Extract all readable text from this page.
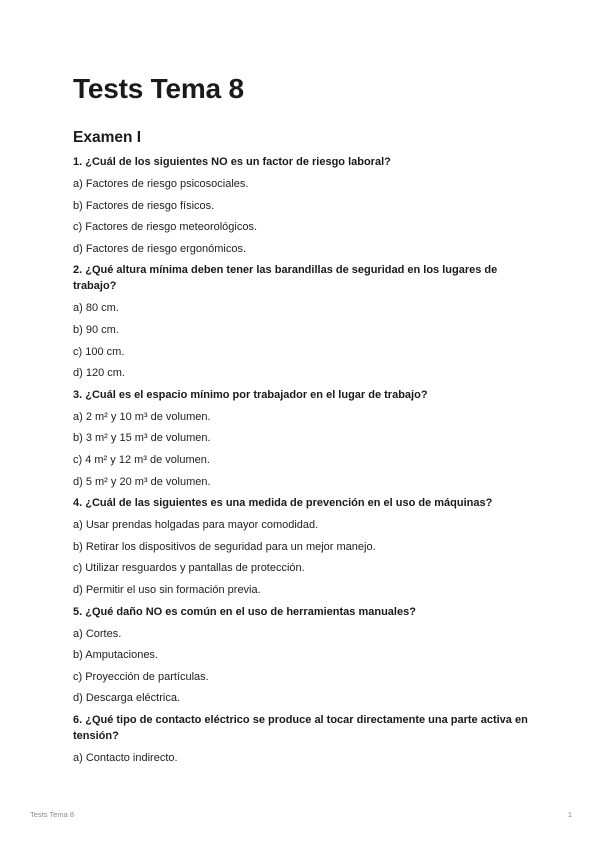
Tests Tema 8
Examen I

1. ¿Cuál de los siguientes NO es un factor de riesgo laboral?

a) Factores de riesgo psicosociales.

b) Factores de riesgo físicos.

c) Factores de riesgo meteorológicos.

d) Factores de riesgo ergonómicos.

2. ¿Qué altura mínima deben tener las barandillas de seguridad en los lugares de trabajo?

a) 80 cm.

b) 90 cm.

c) 100 cm.

d) 120 cm.

3. ¿Cuál es el espacio mínimo por trabajador en el lugar de trabajo?

a) 2 m² y 10 m³ de volumen.

b) 3 m² y 15 m³ de volumen.

c) 4 m² y 12 m³ de volumen.

d) 5 m² y 20 m³ de volumen.

4. ¿Cuál de las siguientes es una medida de prevención en el uso de máquinas?

a) Usar prendas holgadas para mayor comodidad.

b) Retirar los dispositivos de seguridad para un mejor manejo.

c) Utilizar resguardos y pantallas de protección.

d) Permitir el uso sin formación previa.

5. ¿Qué daño NO es común en el uso de herramientas manuales?

a) Cortes.

b) Amputaciones.

c) Proyección de partículas.

d) Descarga eléctrica.

6. ¿Qué tipo de contacto eléctrico se produce al tocar directamente una parte activa en tensión?

a) Contacto indirecto.

Tests Tema 8	1
